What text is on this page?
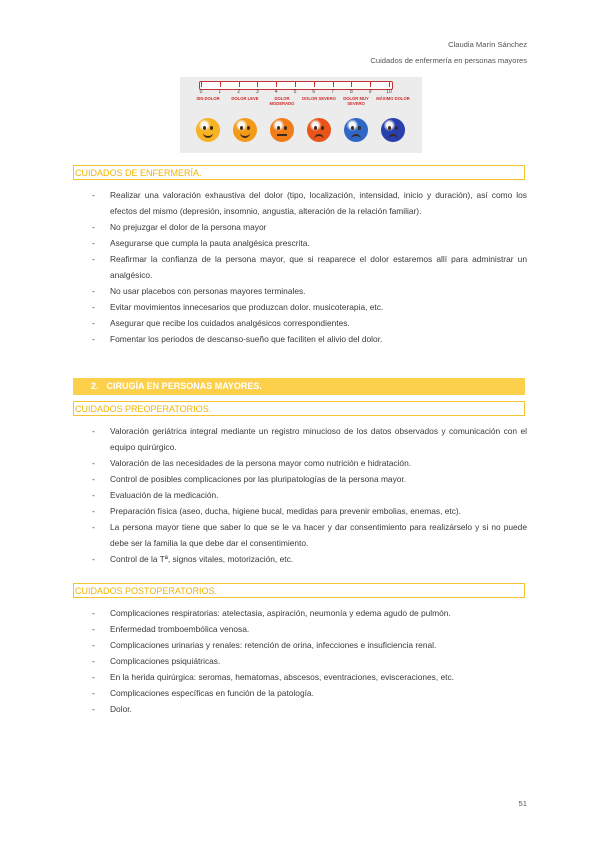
Claudia Marín Sánchez
Cuidados de enfermería en personas mayores
0	1	2	3	4	5	6	7	8	9	10
SIN DOLOR	DOLOR LEVE	DOLOR MODERADO
DOLOR SEVERO	DOLOR MUY SEVERO
MÁXIMO DOLOR
CUIDADOS DE ENFERMERÍA.
- Realizar una valoración exhaustiva del dolor (tipo, localización, intensidad, inicio y duración), así como los efectos del mismo (depresión, insomnio, angustia, alteración de la relación familiar).
- No prejuzgar el dolor de la persona mayor
- Asegurarse que cumpla la pauta analgésica prescrita.
- Reafirmar la confianza de la persona mayor, que si reaparece el dolor estaremos allí para administrar un analgésico.
- No usar placebos con personas mayores terminales.
- Evitar movimientos innecesarios que produzcan dolor. musicoterapia, etc.
- Asegurar que recibe los cuidados analgésicos correspondientes.
- Fomentar los periodos de descanso-sueño que faciliten el alivio del dolor.
2. CIRUGÍA EN PERSONAS MAYORES.
CUIDADOS PREOPERATORIOS.
- Valoración geriátrica integral mediante un registro minucioso de los datos observados y comunicación con el equipo quirúrgico.
- Valoración de las necesidades de la persona mayor como nutrición e hidratación.
- Control de posibles complicaciones por las pluripatologías de la persona mayor.
- Evaluación de la medicación.
- Preparación física (aseo, ducha, higiene bucal, medidas para prevenir embolias, enemas, etc).
- La persona mayor tiene que saber lo que se le va hacer y dar consentimiento para realizárselo y si no puede debe ser la familia la que debe dar el consentimiento.
- Control de la Tª, signos vitales, motorización, etc.
CUIDADOS POSTOPERATORIOS.
- Complicaciones respiratorias: atelectasia, aspiración, neumonía y edema agudo de pulmón.
- Enfermedad tromboembólica venosa.
- Complicaciones urinarias y renales: retención de orina, infecciones e insuficiencia renal.
- Complicaciones psiquiátricas.
- En la herida quirúrgica: seromas, hematomas, abscesos, eventraciones, evisceraciones, etc.
- Complicaciones específicas en función de la patología.
- Dolor.
51
